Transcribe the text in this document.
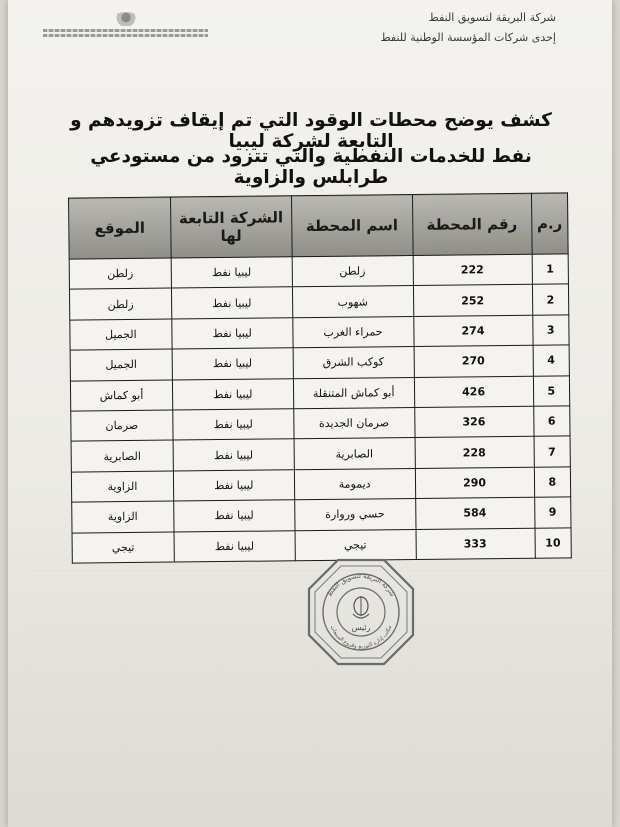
شركة البريقة لتسويق النفط
إحدى شركات المؤسسة الوطنية للنفط
كشف يوضح محطات الوقود التي تم إيقاف تزويدهم و التابعة لشركة ليبيا
نفط للخدمات النفطية والتي تتزود من مستودعي طرابلس والزاوية
ر.م	رقم المحطة	اسم المحطة	الشركة التابعة لها	الموقع
1	222	زلطن	ليبيا نفط	زلطن
2	252	شهوب	ليبيا نفط	زلطن
3	274	حمراء الغرب	ليبيا نفط	الجميل
4	270	كوكب الشرق	ليبيا نفط	الجميل
5	426	أبو كماش المتنقلة	ليبيا نفط	أبو كماش
6	326	صرمان الجديدة	ليبيا نفط	صرمان
7	228	الصابرية	ليبيا نفط	الصابرية
8	290	ديمومة	ليبيا نفط	الزاوية
9	584	حسي وروارة	ليبيا نفط	الزاوية
10	333	تيجي	ليبيا نفط	تيجي
شركة البريقة لتسويق النفط
مكتب إدارة التوزيع وفروع المبيعات
رئيس
